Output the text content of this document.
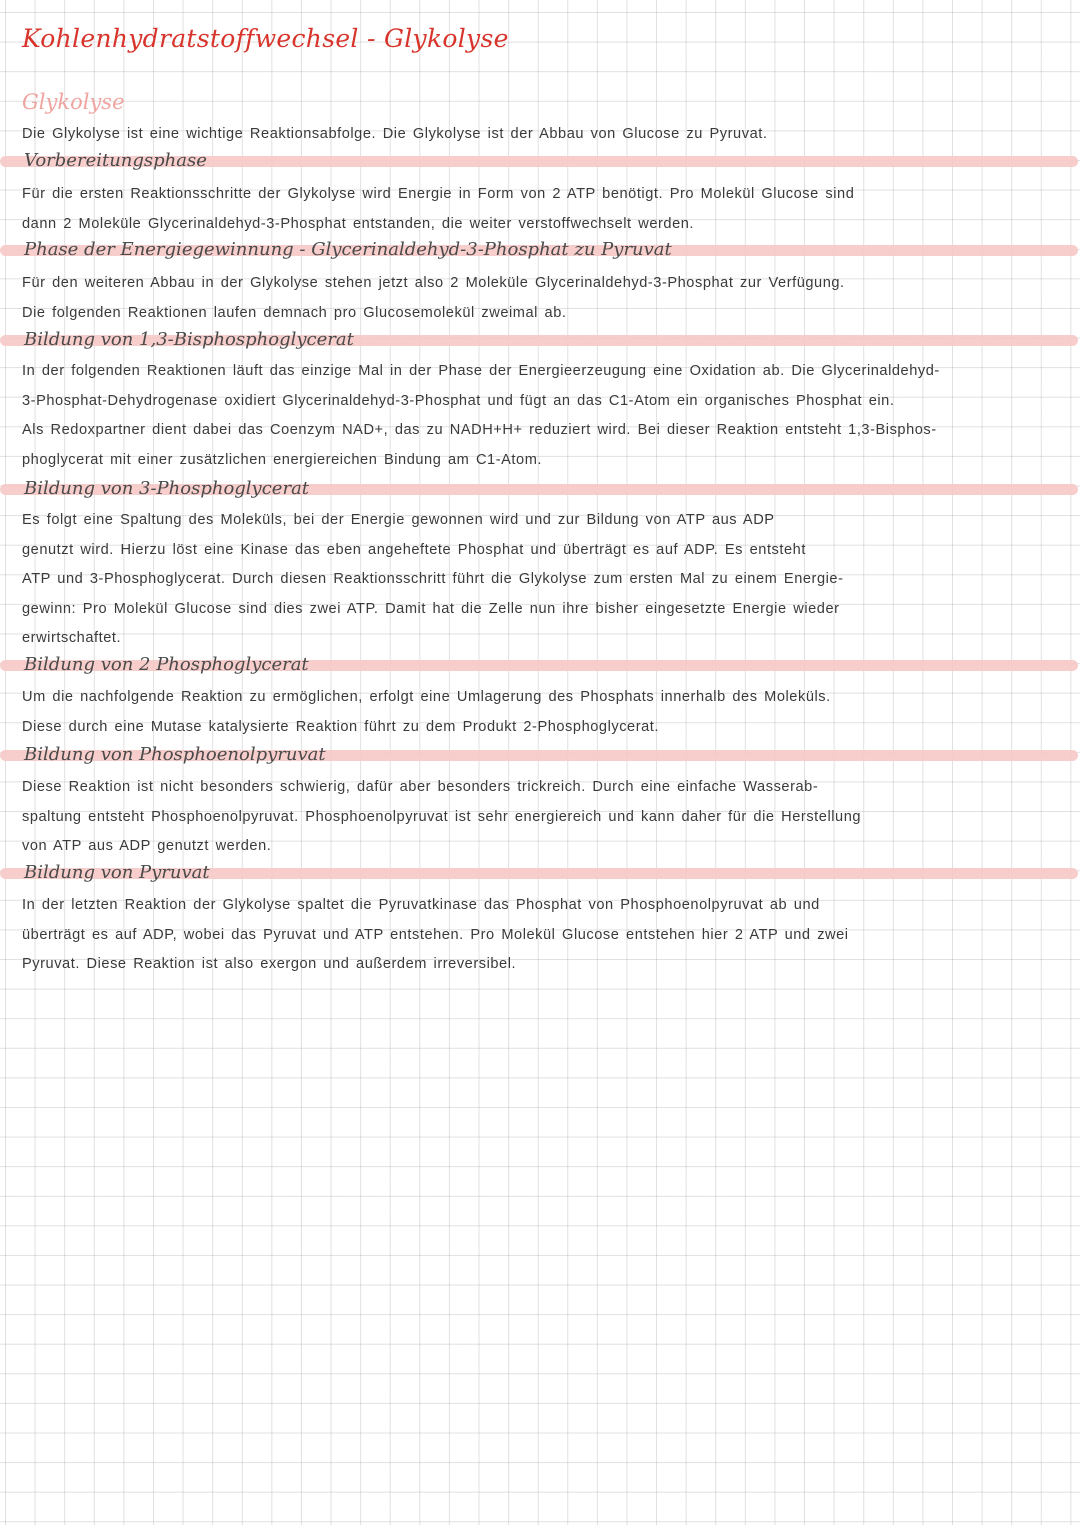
Kohlenhydratstoffwechsel - Glykolyse
Glykolyse
Die Glykolyse ist eine wichtige Reaktionsabfolge. Die Glykolyse ist der Abbau von Glucose zu Pyruvat.
Vorbereitungsphase
Für die ersten Reaktionsschritte der Glykolyse wird Energie in Form von 2 ATP benötigt. Pro Molekül Glucose sind
dann 2 Moleküle Glycerinaldehyd-3-Phosphat entstanden, die weiter verstoffwechselt werden.
Phase der Energiegewinnung - Glycerinaldehyd-3-Phosphat zu Pyruvat
Für den weiteren Abbau in der Glykolyse stehen jetzt also 2 Moleküle Glycerinaldehyd-3-Phosphat zur Verfügung.
Die folgenden Reaktionen laufen demnach pro Glucosemolekül zweimal ab.
Bildung von 1,3-Bisphosphoglycerat
In der folgenden Reaktionen läuft das einzige Mal in der Phase der Energieerzeugung eine Oxidation ab. Die Glycerinaldehyd-
3-Phosphat-Dehydrogenase oxidiert Glycerinaldehyd-3-Phosphat und fügt an das C1-Atom ein organisches Phosphat ein.
Als Redoxpartner dient dabei das Coenzym NAD+, das zu NADH+H+ reduziert wird. Bei dieser Reaktion entsteht 1,3-Bisphos-
phoglycerat mit einer zusätzlichen energiereichen Bindung am C1-Atom.
Bildung von 3-Phosphoglycerat
Es folgt eine Spaltung des Moleküls, bei der Energie gewonnen wird und zur Bildung von ATP aus ADP
genutzt wird. Hierzu löst eine Kinase das eben angeheftete Phosphat und überträgt es auf ADP. Es entsteht
ATP und 3-Phosphoglycerat. Durch diesen Reaktionsschritt führt die Glykolyse zum ersten Mal zu einem Energie-
gewinn: Pro Molekül Glucose sind dies zwei ATP. Damit hat die Zelle nun ihre bisher eingesetzte Energie wieder
erwirtschaftet.
Bildung von 2 Phosphoglycerat
Um die nachfolgende Reaktion zu ermöglichen, erfolgt eine Umlagerung des Phosphats innerhalb des Moleküls.
Diese durch eine Mutase katalysierte Reaktion führt zu dem Produkt 2-Phosphoglycerat.
Bildung von Phosphoenolpyruvat
Diese Reaktion ist nicht besonders schwierig, dafür aber besonders trickreich. Durch eine einfache Wasserab-
spaltung entsteht Phosphoenolpyruvat. Phosphoenolpyruvat ist sehr energiereich und kann daher für die Herstellung
von ATP aus ADP genutzt werden.
Bildung von Pyruvat
In der letzten Reaktion der Glykolyse spaltet die Pyruvatkinase das Phosphat von Phosphoenolpyruvat ab und
überträgt es auf ADP, wobei das Pyruvat und ATP entstehen. Pro Molekül Glucose entstehen hier 2 ATP und zwei
Pyruvat. Diese Reaktion ist also exergon und außerdem irreversibel.
